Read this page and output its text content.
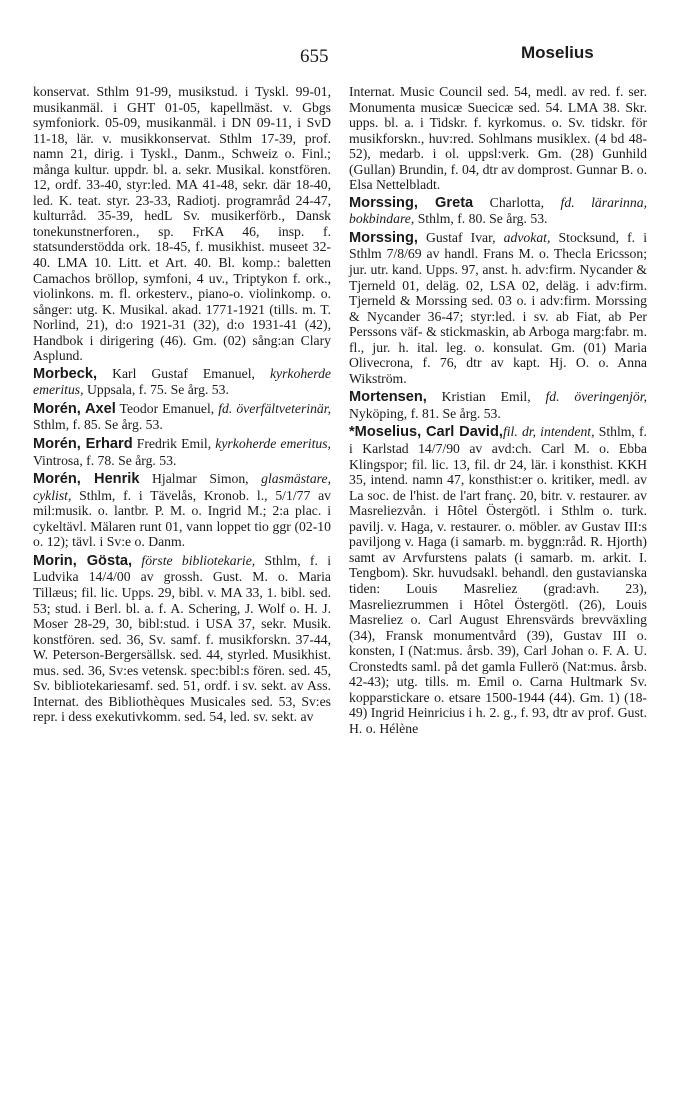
655	Moselius

konservat. Sthlm 91-99, musikstud. i Tyskl. 99-01, musikanmäl. i GHT 01-05, kapellmäst. v. Gbgs symfoniork. 05-09, musikanmäl. i DN 09-11, i SvD 11-18, lär. v. musikkonservat. Sthlm 17-39, prof. namn 21, dirig. i Tyskl., Danm., Schweiz o. Finl.; många kultur. uppdr. bl. a. sekr. Musikal. konstfören. 12, ordf. 33-40, styr:led. MA 41-48, sekr. där 18-40, led. K. teat. styr. 23-33, Radiotj. programråd 24-47, kulturråd. 35-39, hedL Sv. musikerförb., Dansk tonekunstnerforen., sp. FrKA 46, insp. f. statsunderstödda ork. 18-45, f. musikhist. museet 32-40. LMA 10. Litt. et Art. 40. Bl. komp.: baletten Camachos bröllop, symfoni, 4 uv., Triptykon f. ork., violinkons. m. fl. orkesterv., piano-o. violinkomp. o. sånger: utg. K. Musikal. akad. 1771-1921 (tills. m. T. Norlind, 21), d:o 1921-31 (32), d:o 1931-41 (42), Handbok i dirigering (46). Gm. (02) sång:an Clary Asplund.

Morbeck, Karl Gustaf Emanuel, kyrkoherde emeritus, Uppsala, f. 75. Se årg. 53.

Morén, Axel Teodor Emanuel, fd. överfältveterinär, Sthlm, f. 85. Se årg. 53.

Morén, Erhard Fredrik Emil, kyrkoherde emeritus, Vintrosa, f. 78. Se årg. 53.

Morén, Henrik Hjalmar Simon, glasmästare, cyklist, Sthlm, f. i Tävelås, Kronob. l., 5/1/77 av mil:musik. o. lantbr. P. M. o. Ingrid M.; 2:a plac. i cykeltävl. Mälaren runt 01, vann loppet tio ggr (02-10 o. 12); tävl. i Sv:e o. Danm.

Morin, Gösta, förste bibliotekarie, Sthlm, f. i Ludvika 14/4/00 av grossh. Gust. M. o. Maria Tillæus; fil. lic. Upps. 29, bibl. v. MA 33, 1. bibl. sed. 53; stud. i Berl. bl. a. f. A. Schering, J. Wolf o. H. J. Moser 28-29, 30, bibl:stud. i USA 37, sekr. Musik. konstfören. sed. 36, Sv. samf. f. musikforskn. 37-44, W. Peterson-Bergersällsk. sed. 44, styrled. Musikhist. mus. sed. 36, Sv:es vetensk. spec:bibl:s fören. sed. 45, Sv. bibliotekariesamf. sed. 51, ordf. i sv. sekt. av Ass. Internat. des Bibliothèques Musicales sed. 53, Sv:es repr. i dess exekutivkomm. sed. 54, led. sv. sekt. av

Internat. Music Council sed. 54, medl. av red. f. ser. Monumenta musicæ Suecicæ sed. 54. LMA 38. Skr. upps. bl. a. i Tidskr. f. kyrkomus. o. Sv. tidskr. för musikforskn., huv:red. Sohlmans musiklex. (4 bd 48-52), medarb. i ol. uppsl:verk. Gm. (28) Gunhild (Gullan) Brundin, f. 04, dtr av domprost. Gunnar B. o. Elsa Nettelbladt.

Morssing, Greta Charlotta, fd. lärarinna, bokbindare, Sthlm, f. 80. Se årg. 53.

Morssing, Gustaf Ivar, advokat, Stocksund, f. i Sthlm 7/8/69 av handl. Frans M. o. Thecla Ericsson; jur. utr. kand. Upps. 97, anst. h. adv:firm. Nycander & Tjerneld 01, deläg. 02, LSA 02, deläg. i adv:firm. Tjerneld & Morssing sed. 03 o. i adv:firm. Morssing & Nycander 36-47; styr:led. i sv. ab Fiat, ab Per Perssons väf- & stickmaskin, ab Arboga marg:fabr. m. fl., jur. h. ital. leg. o. konsulat. Gm. (01) Maria Olivecrona, f. 76, dtr av kapt. Hj. O. o. Anna Wikström.

Mortensen, Kristian Emil, fd. överingenjör, Nyköping, f. 81. Se årg. 53.

*Moselius, Carl David,fil. dr, intendent, Sthlm, f. i Karlstad 14/7/90 av avd:ch. Carl M. o. Ebba Klingspor; fil. lic. 13, fil. dr 24, lär. i konsthist. KKH 35, intend. namn 47, konsthist:er o. kritiker, medl. av La soc. de l'hist. de l'art franç. 20, bitr. v. restaurer. av Masreliezvån. i Hôtel Östergötl. i Sthlm o. turk. pavilj. v. Haga, v. restaurer. o. möbler. av Gustav III:s paviljong v. Haga (i samarb. m. byggn:råd. R. Hjorth) samt av Arvfurstens palats (i samarb. m. arkit. I. Tengbom). Skr. huvudsakl. behandl. den gustavianska tiden: Louis Masreliez (grad:avh. 23), Masreliezrummen i Hôtel Östergötl. (26), Louis Masreliez o. Carl August Ehrensvärds brevväxling (34), Fransk monumentvård (39), Gustav III o. konsten, I (Nat:mus. årsb. 39), Carl Johan o. F. A. U. Cronstedts saml. på det gamla Fullerö (Nat:mus. årsb. 42-43); utg. tills. m. Emil o. Carna Hultmark Sv. kopparstickare o. etsare 1500-1944 (44). Gm. 1) (18-49) Ingrid Heinricius i h. 2. g., f. 93, dtr av prof. Gust. H. o. Hélène
